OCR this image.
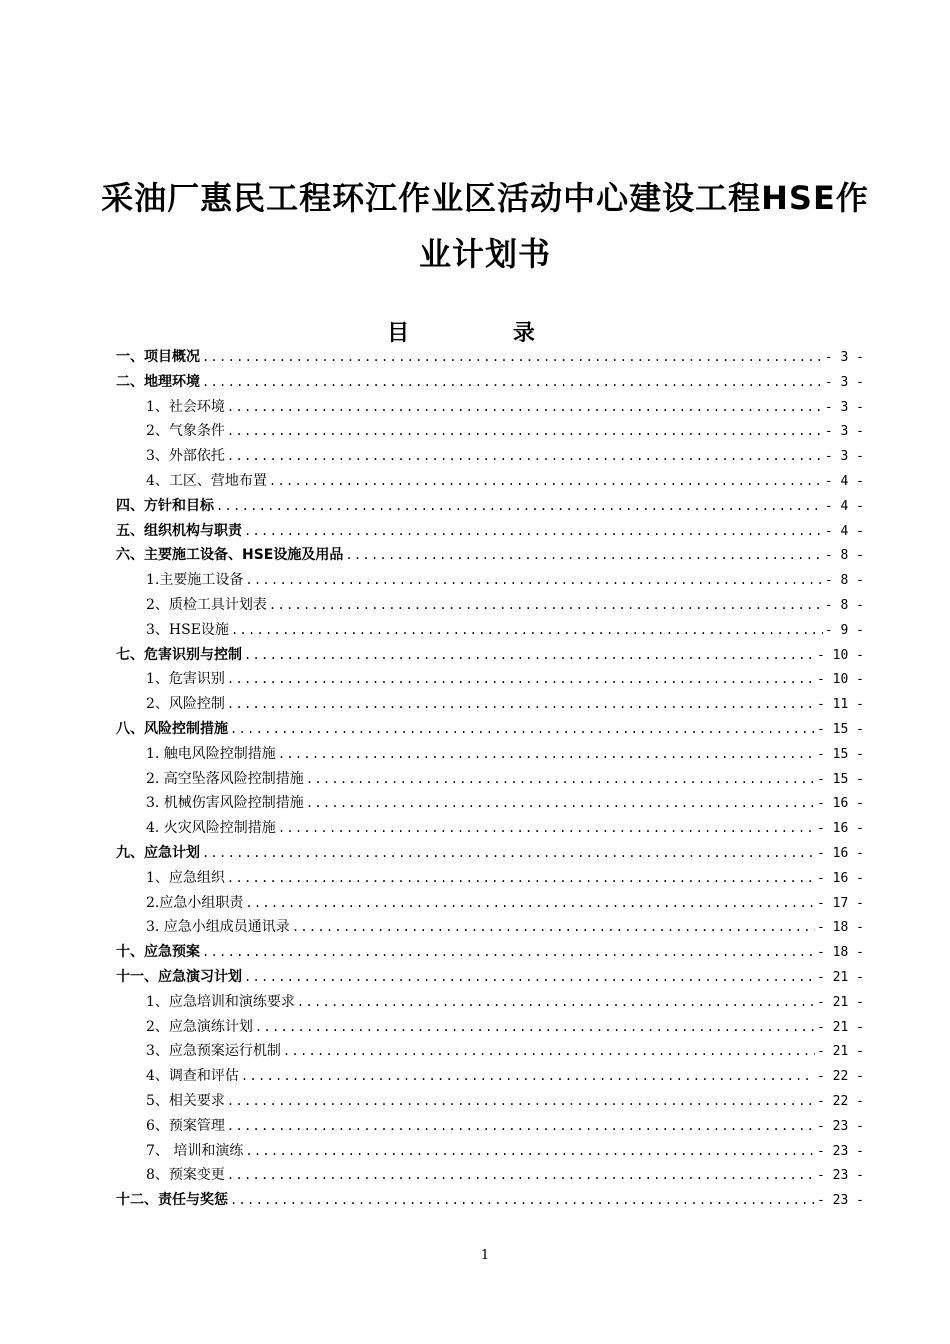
采油厂惠民工程环江作业区活动中心建设工程HSE作业计划书
目 录
一、项目概况 .....	- 3 -
二、地理环境 .....	- 3 -
1、社会环境 .....	- 3 -
2、气象条件 .....	- 3 -
3、外部依托 .....	- 3 -
4、工区、营地布置 .....	- 4 -
四、方针和目标 .....	- 4 -
五、组织机构与职责 .....	- 4 -
六、主要施工设备、HSE设施及用品 .....	- 8 -
1.主要施工设备 .....	- 8 -
2、质检工具计划表 .....	- 8 -
3、HSE设施 .....	- 9 -
七、危害识别与控制 .....	- 10 -
1、危害识别 .....	- 10 -
2、风险控制 .....	- 11 -
八、风险控制措施 .....	- 15 -
1. 触电风险控制措施 .....	- 15 -
2. 高空坠落风险控制措施 .....	- 15 -
3. 机械伤害风险控制措施 .....	- 16 -
4. 火灾风险控制措施 .....	- 16 -
九、应急计划 .....	- 16 -
1、应急组织 .....	- 16 -
2.应急小组职责 .....	- 17 -
3. 应急小组成员通讯录 .....	- 18 -
十、应急预案 .....	- 18 -
十一、应急演习计划 .....	- 21 -
1、应急培训和演练要求 .....	- 21 -
2、应急演练计划 .....	- 21 -
3、应急预案运行机制 .....	- 21 -
4、调查和评估 .....	- 22 -
5、相关要求 .....	- 22 -
6、预案管理 .....	- 23 -
7、 培训和演练 .....	- 23 -
8、预案变更 .....	- 23 -
十二、责任与奖惩 .....	- 23 -
1
